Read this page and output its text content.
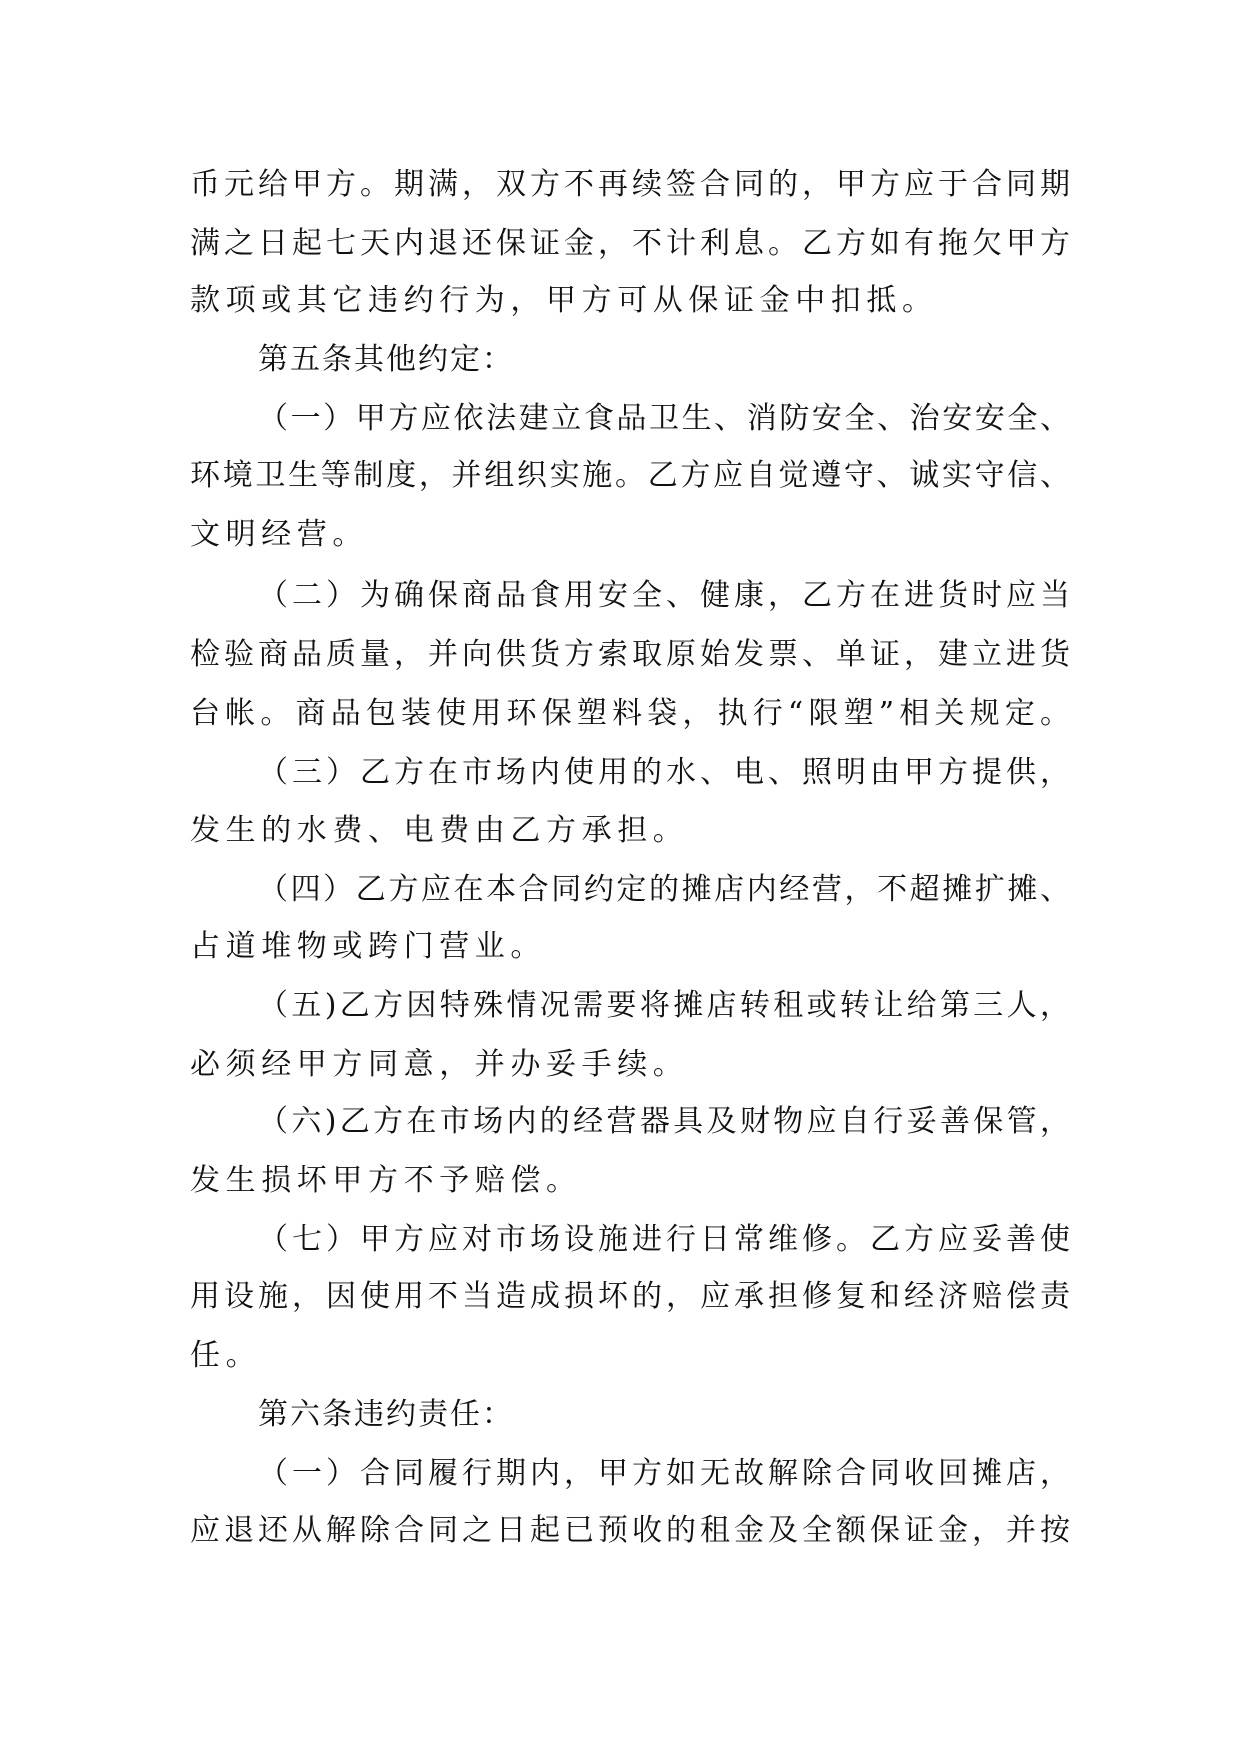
币元给甲方。期满，双方不再续签合同的，甲方应于合同期
满之日起七天内退还保证金，不计利息。乙方如有拖欠甲方
款项或其它违约行为，甲方可从保证金中扣抵。
第五条其他约定：
（一）甲方应依法建立食品卫生、消防安全、治安安全、
环境卫生等制度，并组织实施。乙方应自觉遵守、诚实守信、
文明经营。
（二）为确保商品食用安全、健康，乙方在进货时应当
检验商品质量，并向供货方索取原始发票、单证，建立进货
台帐。商品包装使用环保塑料袋，执行“限塑”相关规定。
（三）乙方在市场内使用的水、电、照明由甲方提供，
发生的水费、电费由乙方承担。
（四）乙方应在本合同约定的摊店内经营，不超摊扩摊、
占道堆物或跨门营业。
（五)乙方因特殊情况需要将摊店转租或转让给第三人，
必须经甲方同意，并办妥手续。
（六)乙方在市场内的经营器具及财物应自行妥善保管，
发生损坏甲方不予赔偿。
（七）甲方应对市场设施进行日常维修。乙方应妥善使
用设施，因使用不当造成损坏的，应承担修复和经济赔偿责
任。
第六条违约责任：
（一）合同履行期内，甲方如无故解除合同收回摊店，
应退还从解除合同之日起已预收的租金及全额保证金，并按
